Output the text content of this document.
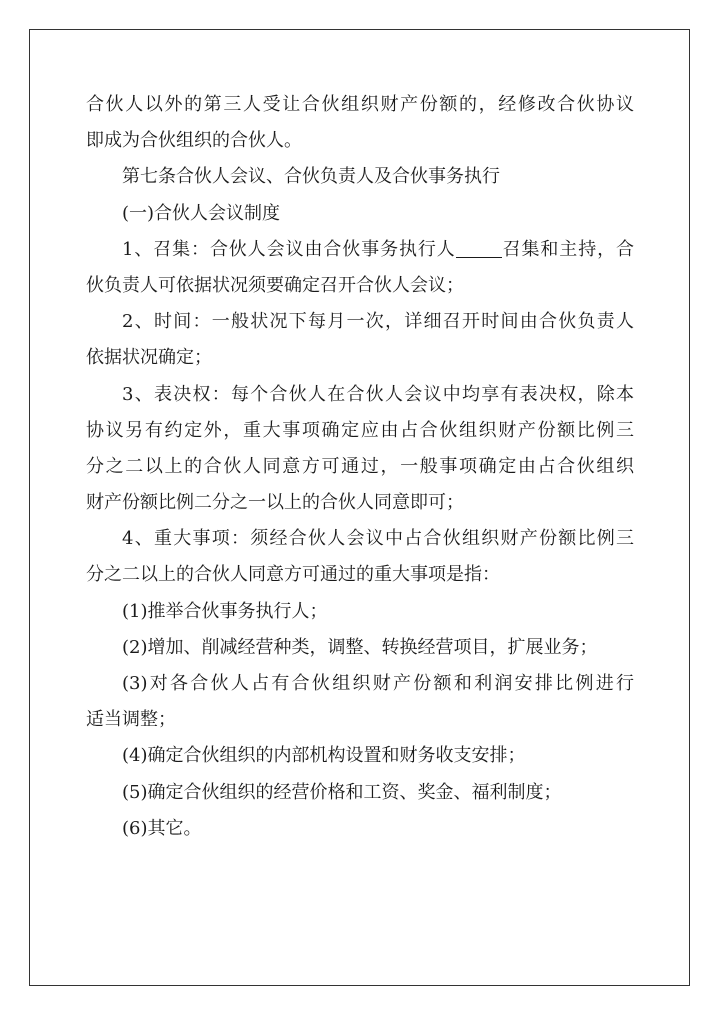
合伙人以外的第三人受让合伙组织财产份额的，经修改合伙协议
即成为合伙组织的合伙人。
第七条合伙人会议、合伙负责人及合伙事务执行
(一)合伙人会议制度
1、召集：合伙人会议由合伙事务执行人	召集和主持，合
伙负责人可依据状况须要确定召开合伙人会议；
2、时间：一般状况下每月一次，详细召开时间由合伙负责人
依据状况确定；
3、表决权：每个合伙人在合伙人会议中均享有表决权，除本
协议另有约定外，重大事项确定应由占合伙组织财产份额比例三
分之二以上的合伙人同意方可通过，一般事项确定由占合伙组织
财产份额比例二分之一以上的合伙人同意即可；
4、重大事项：须经合伙人会议中占合伙组织财产份额比例三
分之二以上的合伙人同意方可通过的重大事项是指：
(1)推举合伙事务执行人；
(2)增加、削减经营种类，调整、转换经营项目，扩展业务；
(3)对各合伙人占有合伙组织财产份额和利润安排比例进行
适当调整；
(4)确定合伙组织的内部机构设置和财务收支安排；
(5)确定合伙组织的经营价格和工资、奖金、福利制度；
(6)其它。
